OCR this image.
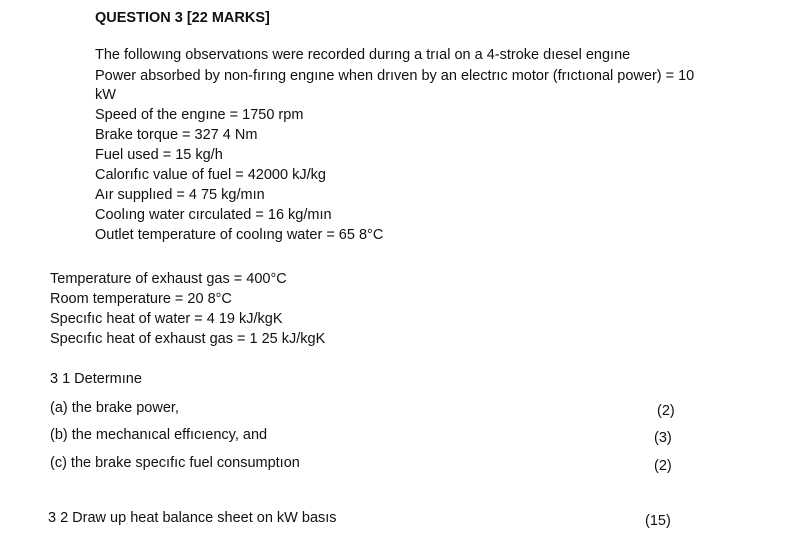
QUESTION 3 [22 MARKS]
The followıng observatıons were recorded durıng a trıal on a 4-stroke dıesel engıne
Power absorbed by non-fırıng engıne when drıven by an electrıc motor (frıctıonal power) = 10
kW
Speed of the engıne = 1750 rpm
Brake torque = 327 4 Nm
Fuel used = 15 kg/h
Calorıfıc value of fuel = 42000 kJ/kg
Aır supplıed = 4 75 kg/mın
Coolıng water cırculated = 16 kg/mın
Outlet temperature of coolıng water = 65 8°C
Temperature of exhaust gas = 400°C
Room temperature = 20 8°C
Specıfıc heat of water = 4 19 kJ/kgK
Specıfıc heat of exhaust gas = 1 25 kJ/kgK
3 1 Determıne
(a) the brake power,	(2)
(b) the mechanıcal effıcıency, and	(3)
(c) the brake specıfıc fuel consumptıon	(2)
3 2 Draw up heat balance sheet on kW basıs	(15)
